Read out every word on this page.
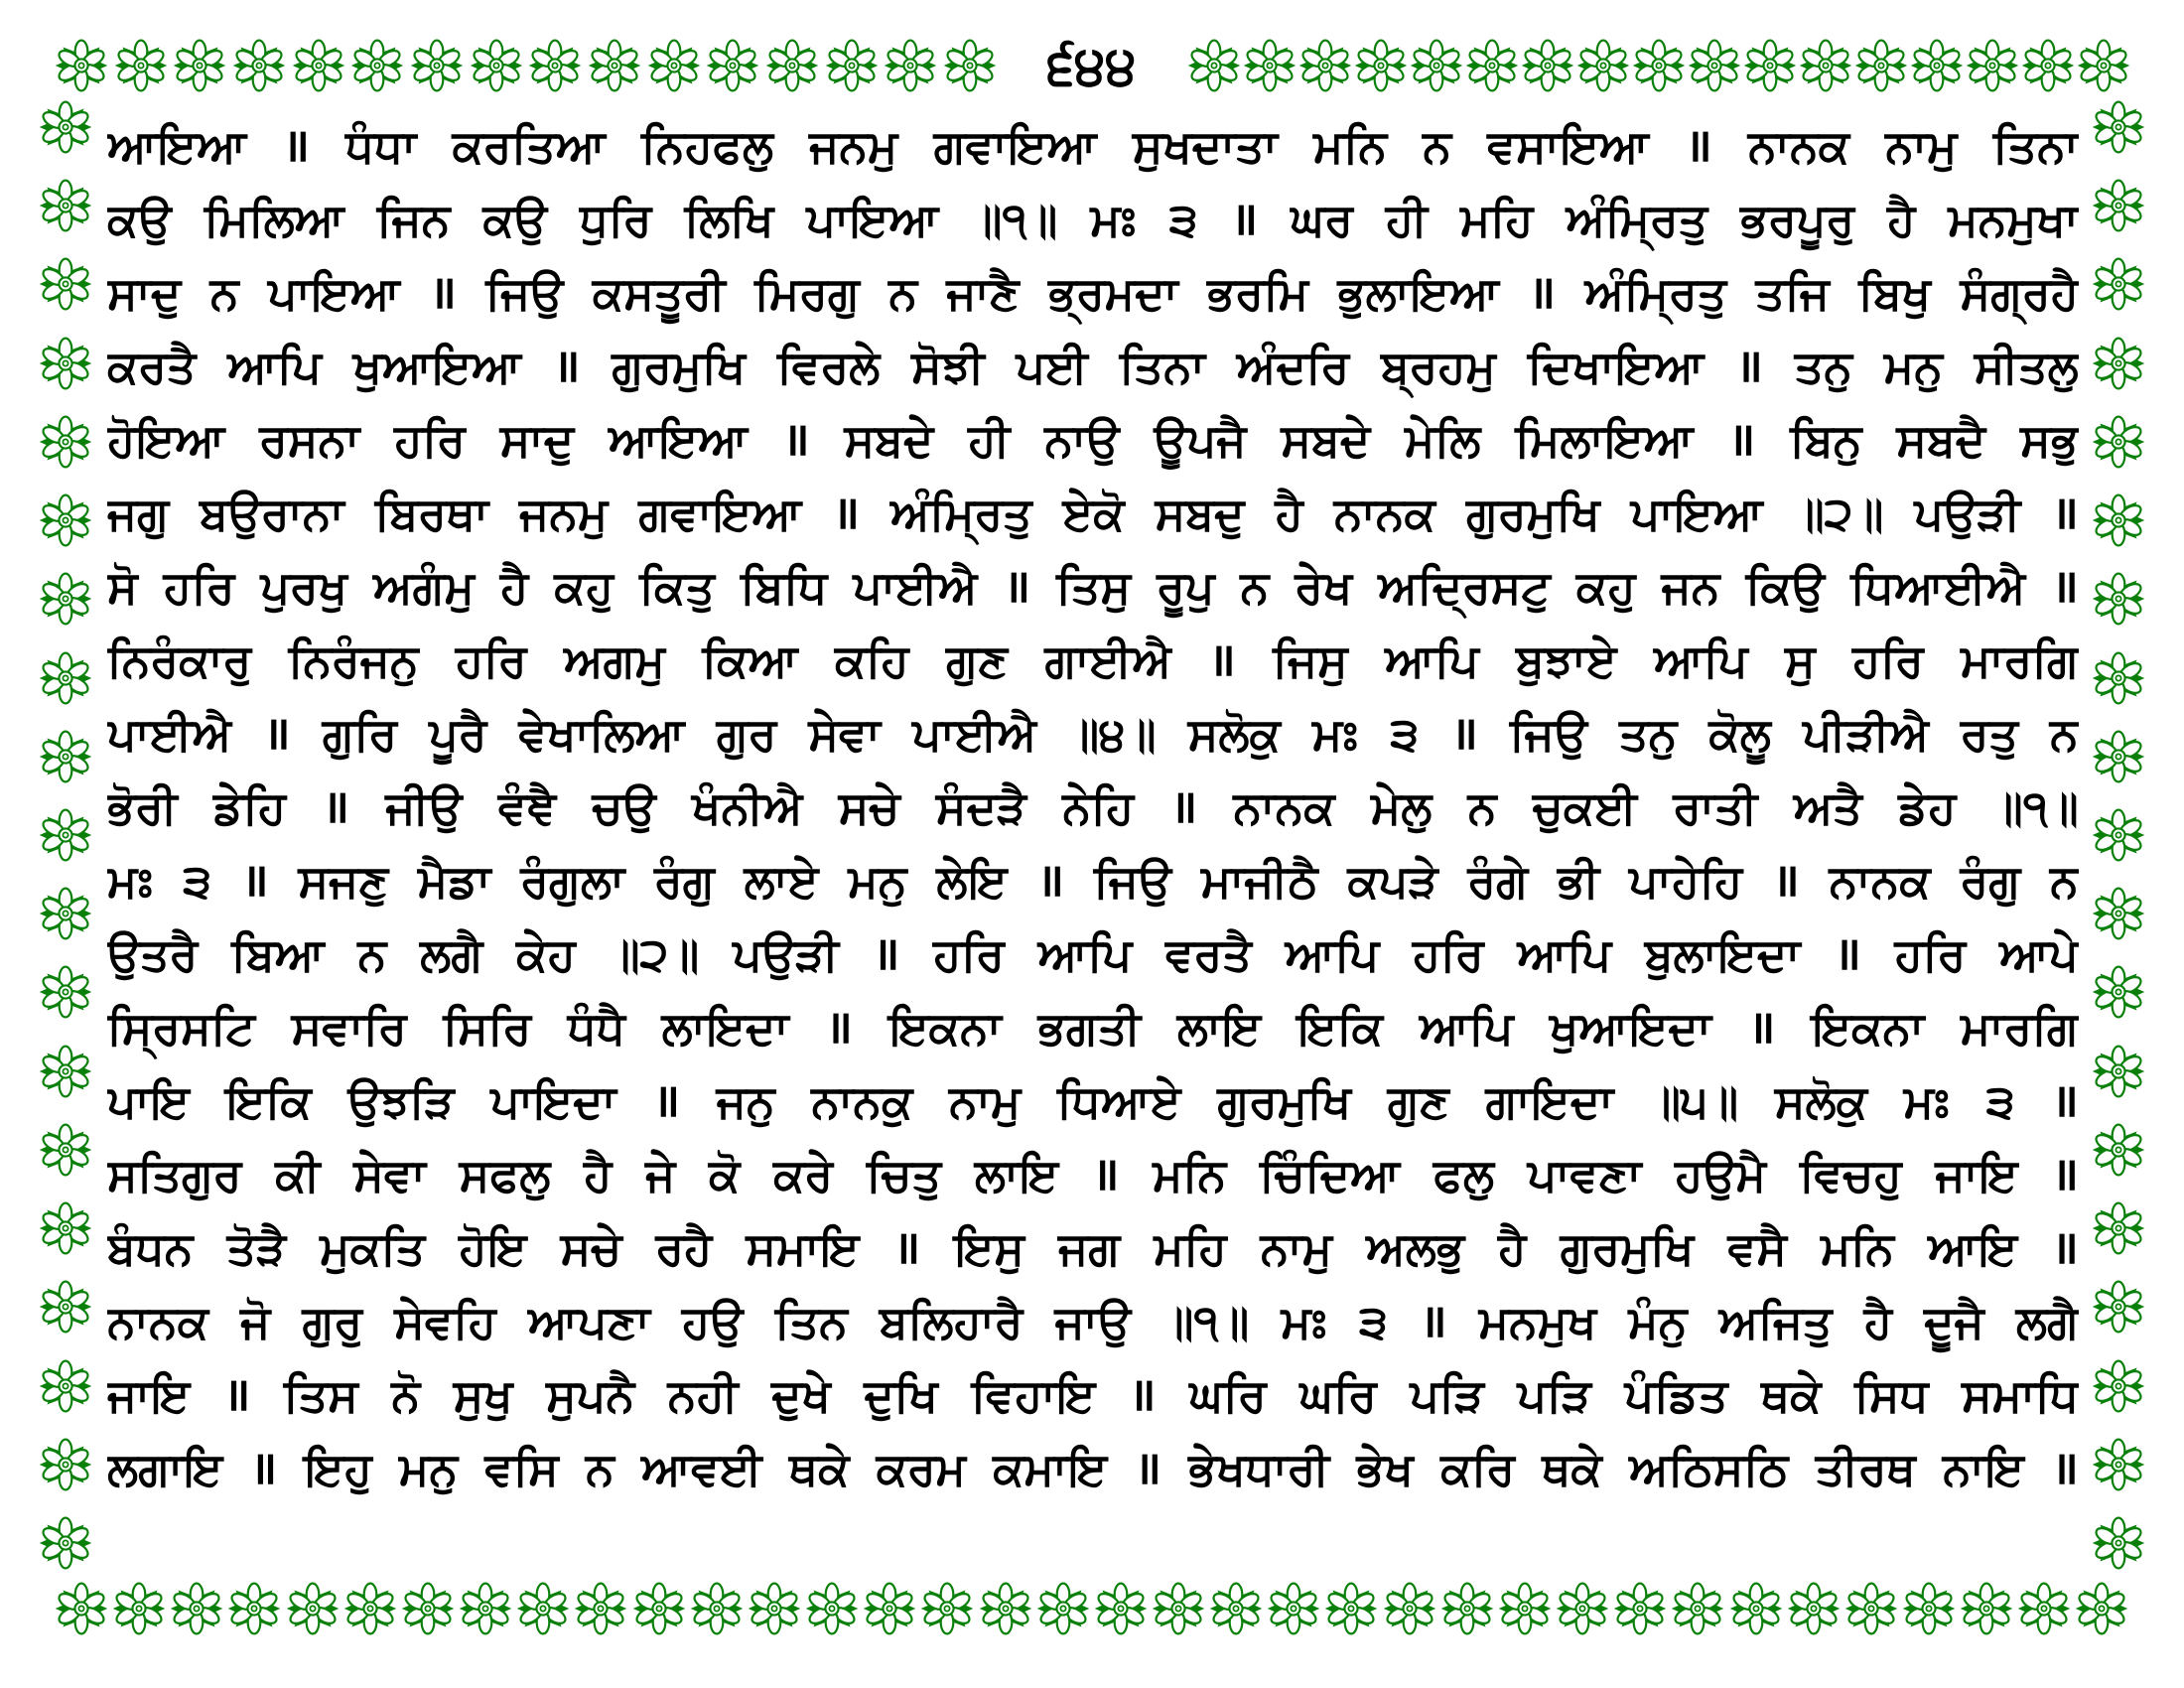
੬੪੪
ਆਇਆ ॥ ਧੰਧਾ ਕਰਤਿਆ ਨਿਹਫਲੁ ਜਨਮੁ ਗਵਾਇਆ ਸੁਖਦਾਤਾ ਮਨਿ ਨ ਵਸਾਇਆ ॥ ਨਾਨਕ ਨਾਮੁ ਤਿਨਾ
ਕਉ ਮਿਲਿਆ ਜਿਨ ਕਉ ਧੁਰਿ ਲਿਖਿ ਪਾਇਆ ॥੧॥ ਮਃ ੩ ॥ ਘਰ ਹੀ ਮਹਿ ਅੰਮ੍ਰਿਤੁ ਭਰਪੂਰੁ ਹੈ ਮਨਮੁਖਾ
ਸਾਦੁ ਨ ਪਾਇਆ ॥ ਜਿਉ ਕਸਤੂਰੀ ਮਿਰਗੁ ਨ ਜਾਣੈ ਭ੍ਰਮਦਾ ਭਰਮਿ ਭੁਲਾਇਆ ॥ ਅੰਮ੍ਰਿਤੁ ਤਜਿ ਬਿਖੁ ਸੰਗ੍ਰਹੈ
ਕਰਤੈ ਆਪਿ ਖੁਆਇਆ ॥ ਗੁਰਮੁਖਿ ਵਿਰਲੇ ਸੋਝੀ ਪਈ ਤਿਨਾ ਅੰਦਰਿ ਬ੍ਰਹਮੁ ਦਿਖਾਇਆ ॥ ਤਨੁ ਮਨੁ ਸੀਤਲੁ
ਹੋਇਆ ਰਸਨਾ ਹਰਿ ਸਾਦੁ ਆਇਆ ॥ ਸਬਦੇ ਹੀ ਨਾਉ ਊਪਜੈ ਸਬਦੇ ਮੇਲਿ ਮਿਲਾਇਆ ॥ ਬਿਨੁ ਸਬਦੈ ਸਭੁ
ਜਗੁ ਬਉਰਾਨਾ ਬਿਰਥਾ ਜਨਮੁ ਗਵਾਇਆ ॥ ਅੰਮ੍ਰਿਤੁ ਏਕੋ ਸਬਦੁ ਹੈ ਨਾਨਕ ਗੁਰਮੁਖਿ ਪਾਇਆ ॥੨॥ ਪਉੜੀ ॥
ਸੋ ਹਰਿ ਪੁਰਖੁ ਅਗੰਮੁ ਹੈ ਕਹੁ ਕਿਤੁ ਬਿਧਿ ਪਾਈਐ ॥ ਤਿਸੁ ਰੂਪੁ ਨ ਰੇਖ ਅਦ੍ਰਿਸਟੁ ਕਹੁ ਜਨ ਕਿਉ ਧਿਆਈਐ ॥
ਨਿਰੰਕਾਰੁ ਨਿਰੰਜਨੁ ਹਰਿ ਅਗਮੁ ਕਿਆ ਕਹਿ ਗੁਣ ਗਾਈਐ ॥ ਜਿਸੁ ਆਪਿ ਬੁਝਾਏ ਆਪਿ ਸੁ ਹਰਿ ਮਾਰਗਿ
ਪਾਈਐ ॥ ਗੁਰਿ ਪੂਰੈ ਵੇਖਾਲਿਆ ਗੁਰ ਸੇਵਾ ਪਾਈਐ ॥੪॥ ਸਲੋਕੁ ਮਃ ੩ ॥ ਜਿਉ ਤਨੁ ਕੋਲੂ ਪੀੜੀਐ ਰਤੁ ਨ
ਭੋਰੀ ਡੇਹਿ ॥ ਜੀਉ ਵੰਞੈ ਚਉ ਖੰਨੀਐ ਸਚੇ ਸੰਦੜੈ ਨੇਹਿ ॥ ਨਾਨਕ ਮੇਲੁ ਨ ਚੁਕਈ ਰਾਤੀ ਅਤੈ ਡੇਹ ॥੧॥
ਮਃ ੩ ॥ ਸਜਣੁ ਮੈਡਾ ਰੰਗੁਲਾ ਰੰਗੁ ਲਾਏ ਮਨੁ ਲੇਇ ॥ ਜਿਉ ਮਾਜੀਠੈ ਕਪੜੇ ਰੰਗੇ ਭੀ ਪਾਹੇਹਿ ॥ ਨਾਨਕ ਰੰਗੁ ਨ
ਉਤਰੈ ਬਿਆ ਨ ਲਗੈ ਕੇਹ ॥੨॥ ਪਉੜੀ ॥ ਹਰਿ ਆਪਿ ਵਰਤੈ ਆਪਿ ਹਰਿ ਆਪਿ ਬੁਲਾਇਦਾ ॥ ਹਰਿ ਆਪੇ
ਸ੍ਰਿਸਟਿ ਸਵਾਰਿ ਸਿਰਿ ਧੰਧੈ ਲਾਇਦਾ ॥ ਇਕਨਾ ਭਗਤੀ ਲਾਇ ਇਕਿ ਆਪਿ ਖੁਆਇਦਾ ॥ ਇਕਨਾ ਮਾਰਗਿ
ਪਾਇ ਇਕਿ ਉਝੜਿ ਪਾਇਦਾ ॥ ਜਨੁ ਨਾਨਕੁ ਨਾਮੁ ਧਿਆਏ ਗੁਰਮੁਖਿ ਗੁਣ ਗਾਇਦਾ ॥੫॥ ਸਲੋਕੁ ਮਃ ੩ ॥
ਸਤਿਗੁਰ ਕੀ ਸੇਵਾ ਸਫਲੁ ਹੈ ਜੇ ਕੋ ਕਰੇ ਚਿਤੁ ਲਾਇ ॥ ਮਨਿ ਚਿੰਦਿਆ ਫਲੁ ਪਾਵਣਾ ਹਉਮੈ ਵਿਚਹੁ ਜਾਇ ॥
ਬੰਧਨ ਤੋੜੈ ਮੁਕਤਿ ਹੋਇ ਸਚੇ ਰਹੈ ਸਮਾਇ ॥ ਇਸੁ ਜਗ ਮਹਿ ਨਾਮੁ ਅਲਭੁ ਹੈ ਗੁਰਮੁਖਿ ਵਸੈ ਮਨਿ ਆਇ ॥
ਨਾਨਕ ਜੋ ਗੁਰੁ ਸੇਵਹਿ ਆਪਣਾ ਹਉ ਤਿਨ ਬਲਿਹਾਰੈ ਜਾਉ ॥੧॥ ਮਃ ੩ ॥ ਮਨਮੁਖ ਮੰਨੁ ਅਜਿਤੁ ਹੈ ਦੂਜੈ ਲਗੈ
ਜਾਇ ॥ ਤਿਸ ਨੋ ਸੁਖੁ ਸੁਪਨੈ ਨਹੀ ਦੁਖੇ ਦੁਖਿ ਵਿਹਾਇ ॥ ਘਰਿ ਘਰਿ ਪੜਿ ਪੜਿ ਪੰਡਿਤ ਥਕੇ ਸਿਧ ਸਮਾਧਿ
ਲਗਾਇ ॥ ਇਹੁ ਮਨੁ ਵਸਿ ਨ ਆਵਈ ਥਕੇ ਕਰਮ ਕਮਾਇ ॥ ਭੇਖਧਾਰੀ ਭੇਖ ਕਰਿ ਥਕੇ ਅਠਿਸਠਿ ਤੀਰਥ ਨਾਇ ॥
